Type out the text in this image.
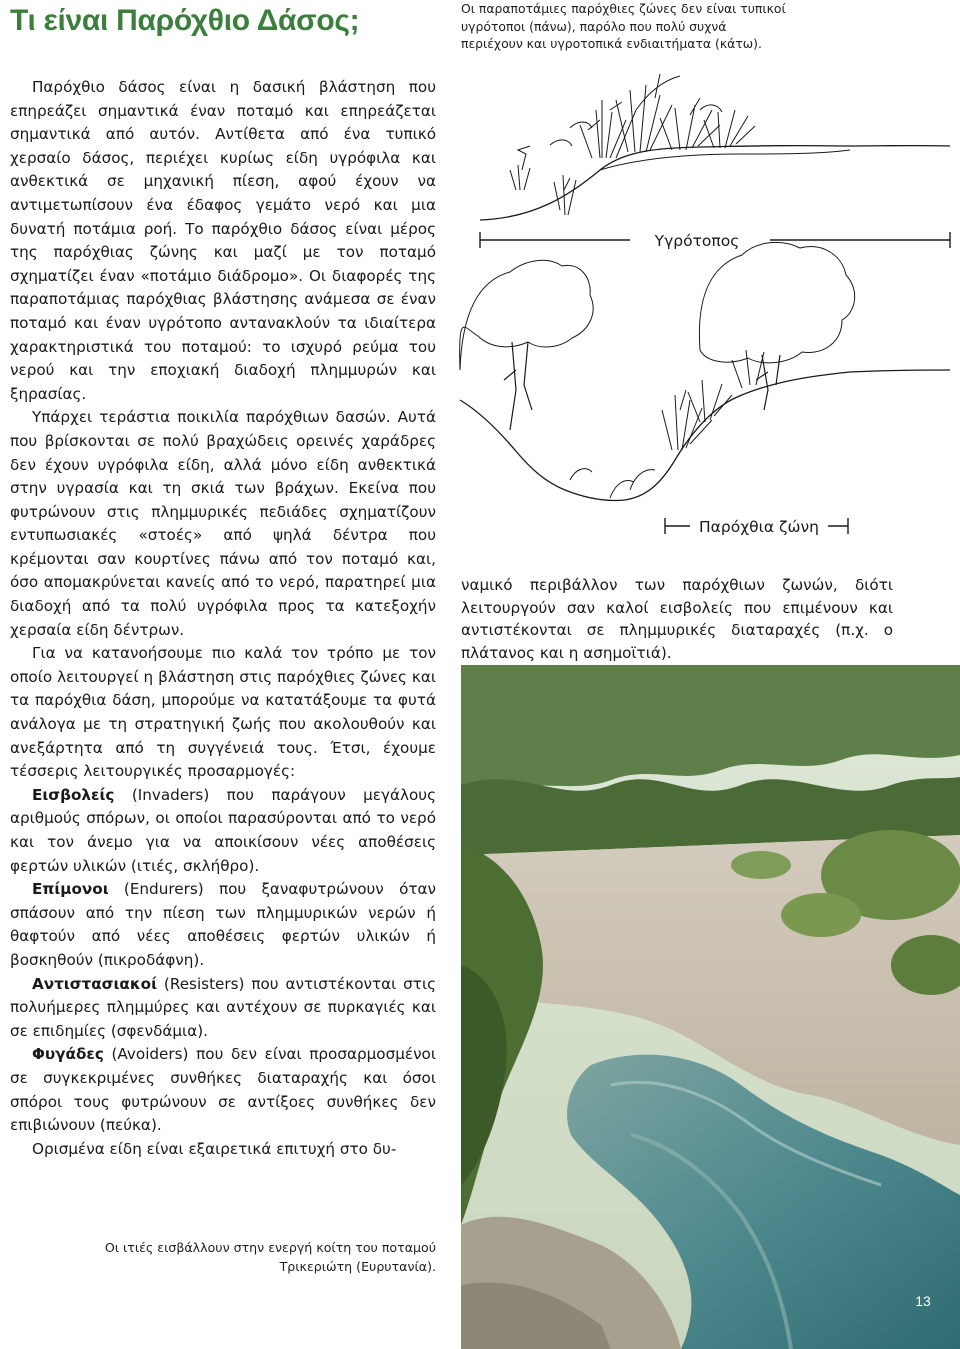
Τι είναι Παρόχθιο Δάσος;

Παρόχθιο δάσος είναι η δασική βλάστηση που επηρεάζει σημαντικά έναν ποταμό και επηρεάζεται σημαντικά από αυτόν. Αντίθετα από ένα τυπικό χερσαίο δάσος, περιέχει κυρίως είδη υγρόφιλα και ανθεκτικά σε μηχανική πίεση, αφού έχουν να αντιμετωπίσουν ένα έδαφος γεμάτο νερό και μια δυνατή ποτάμια ροή. Το παρόχθιο δάσος είναι μέρος της παρόχθιας ζώνης και μαζί με τον ποταμό σχηματίζει έναν «ποτάμιο διάδρομο». Οι διαφορές της παραποτάμιας παρόχθιας βλάστησης ανάμεσα σε έναν ποταμό και έναν υγρότοπο αντανακλούν τα ιδιαίτερα χαρακτηριστικά του ποταμού: το ισχυρό ρεύμα του νερού και την εποχιακή διαδοχή πλημμυρών και ξηρασίας.

Υπάρχει τεράστια ποικιλία παρόχθιων δασών. Αυτά που βρίσκονται σε πολύ βραχώδεις ορεινές χαράδρες δεν έχουν υγρόφιλα είδη, αλλά μόνο είδη ανθεκτικά στην υγρασία και τη σκιά των βράχων. Εκείνα που φυτρώνουν στις πλημμυρικές πεδιάδες σχηματίζουν εντυπωσιακές «στοές» από ψηλά δέντρα που κρέμονται σαν κουρτίνες πάνω από τον ποταμό και, όσο απομακρύνεται κανείς από το νερό, παρατηρεί μια διαδοχή από τα πολύ υγρόφιλα προς τα κατεξοχήν χερσαία είδη δέντρων.

Για να κατανοήσουμε πιο καλά τον τρόπο με τον οποίο λειτουργεί η βλάστηση στις παρόχθιες ζώνες και τα παρόχθια δάση, μπορούμε να κατατάξουμε τα φυτά ανάλογα με τη στρατηγική ζωής που ακολουθούν και ανεξάρτητα από τη συγγένειά τους. Έτσι, έχουμε τέσσερις λειτουργικές προσαρμογές:

Εισβολείς (Invaders) που παράγουν μεγάλους αριθμούς σπόρων, οι οποίοι παρασύρονται από το νερό και τον άνεμο για να αποικίσουν νέες αποθέσεις φερτών υλικών (ιτιές, σκλήθρο).

Επίμονοι (Endurers) που ξαναφυτρώνουν όταν σπάσουν από την πίεση των πλημμυρικών νερών ή θαφτούν από νέες αποθέσεις φερτών υλικών ή βοσκηθούν (πικροδάφνη).

Αντιστασιακοί (Resisters) που αντιστέκονται στις πολυήμερες πλημμύρες και αντέχουν σε πυρκαγιές και σε επιδημίες (σφενδάμια).

Φυγάδες (Avoiders) που δεν είναι προσαρμοσμένοι σε συγκεκριμένες συνθήκες διαταραχής και όσοι σπόροι τους φυτρώνουν σε αντίξοες συνθήκες δεν επιβιώνουν (πεύκα).

Ορισμένα είδη είναι εξαιρετικά επιτυχή στο δυ-

Οι παραποτάμιες παρόχθιες ζώνες δεν είναι τυπικοί υγρότοποι (πάνω), παρόλο που πολύ συχνά περιέχουν και υγροτοπικά ενδιαιτήματα (κάτω).
Υγρότοπος
Παρόχθια ζώνη

ναμικό περιβάλλον των παρόχθιων ζωνών, διότι λειτουργούν σαν καλοί εισβολείς που επιμένουν και αντιστέκονται σε πλημμυρικές διαταραχές (π.χ. ο πλάτανος και η ασημοϊτιά).

Οι ιτιές εισβάλλουν στην ενεργή κοίτη του ποταμού Τρικεριώτη (Ευρυτανία).
13
